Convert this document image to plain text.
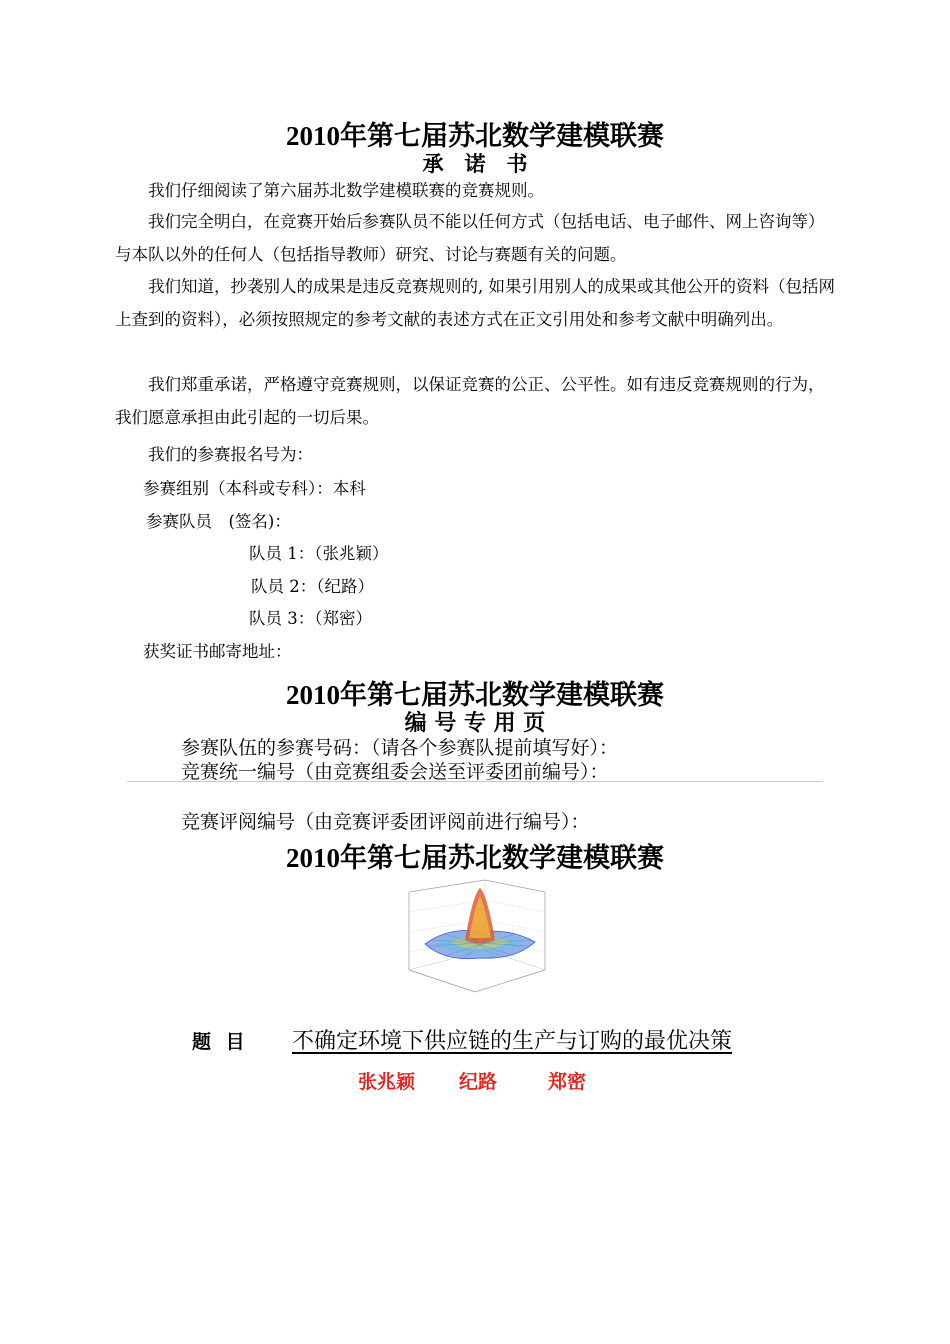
2010年第七届苏北数学建模联赛
承　诺　书
我们仔细阅读了第六届苏北数学建模联赛的竞赛规则。
我们完全明白，在竞赛开始后参赛队员不能以任何方式（包括电话、电子邮件、网上咨询等）与本队以外的任何人（包括指导教师）研究、讨论与赛题有关的问题。
我们知道，抄袭别人的成果是违反竞赛规则的, 如果引用别人的成果或其他公开的资料（包括网上查到的资料），必须按照规定的参考文献的表述方式在正文引用处和参考文献中明确列出。
我们郑重承诺，严格遵守竞赛规则，以保证竞赛的公正、公平性。如有违反竞赛规则的行为，我们愿意承担由此引起的一切后果。
我们的参赛报名号为：
参赛组别（本科或专科）：本科
参赛队员　(签名)：
队员 1：（张兆颖）
队员 2：（纪路）
队员 3：（郑密）
获奖证书邮寄地址：
2010年第七届苏北数学建模联赛
编 号 专 用 页
参赛队伍的参赛号码：（请各个参赛队提前填写好）：
竞赛统一编号（由竞赛组委会送至评委团前编号）：
竞赛评阅编号（由竞赛评委团评阅前进行编号）：
2010年第七届苏北数学建模联赛
题 目 不确定环境下供应链的生产与订购的最优决策
张兆颖 纪路	郑密
